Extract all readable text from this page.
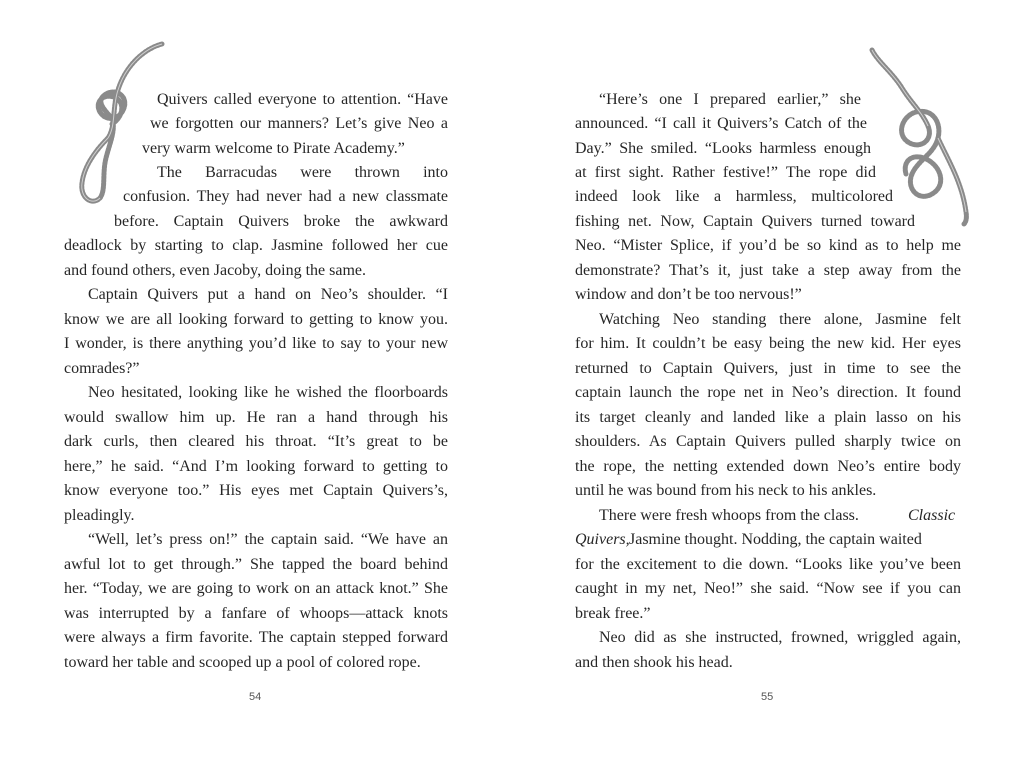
Quivers called everyone to attention. “Have
we forgotten our manners? Let’s give Neo a
very warm welcome to Pirate Academy.”
The Barracudas were thrown into
confusion. They had never had a new classmate
before. Captain Quivers broke the awkward
deadlock by starting to clap. Jasmine followed her cue
and found others, even Jacoby, doing the same.
Captain Quivers put a hand on Neo’s shoulder. “I
know we are all looking forward to getting to know you.
I wonder, is there anything you’d like to say to your new
comrades?”
Neo hesitated, looking like he wished the floorboards
would swallow him up. He ran a hand through his
dark curls, then cleared his throat. “It’s great to be
here,” he said. “And I’m looking forward to getting to
know everyone too.” His eyes met Captain Quivers’s,
pleadingly.
“Well, let’s press on!” the captain said. “We have an
awful lot to get through.” She tapped the board behind
her. “Today, we are going to work on an attack knot.” She
was interrupted by a fanfare of whoops—attack knots
were always a firm favorite. The captain stepped forward
toward her table and scooped up a pool of colored rope.
54
“Here’s one I prepared earlier,” she
announced. “I call it Quivers’s Catch of the
Day.” She smiled. “Looks harmless enough
at first sight. Rather festive!” The rope did
indeed look like a harmless, multicolored
fishing net. Now, Captain Quivers turned toward
Neo. “Mister Splice, if you’d be so kind as to help me
demonstrate? That’s it, just take a step away from the
window and don’t be too nervous!”
Watching Neo standing there alone, Jasmine felt
for him. It couldn’t be easy being the new kid. Her eyes
returned to Captain Quivers, just in time to see the
captain launch the rope net in Neo’s direction. It found
its target cleanly and landed like a plain lasso on his
shoulders. As Captain Quivers pulled sharply twice on
the rope, the netting extended down Neo’s entire body
until he was bound from his neck to his ankles.
There were fresh whoops from the class.	Classic
Quivers, Jasmine thought. Nodding, the captain waited
for the excitement to die down. “Looks like you’ve been
caught in my net, Neo!” she said. “Now see if you can
break free.”
Neo did as she instructed, frowned, wriggled again,
and then shook his head.
55
